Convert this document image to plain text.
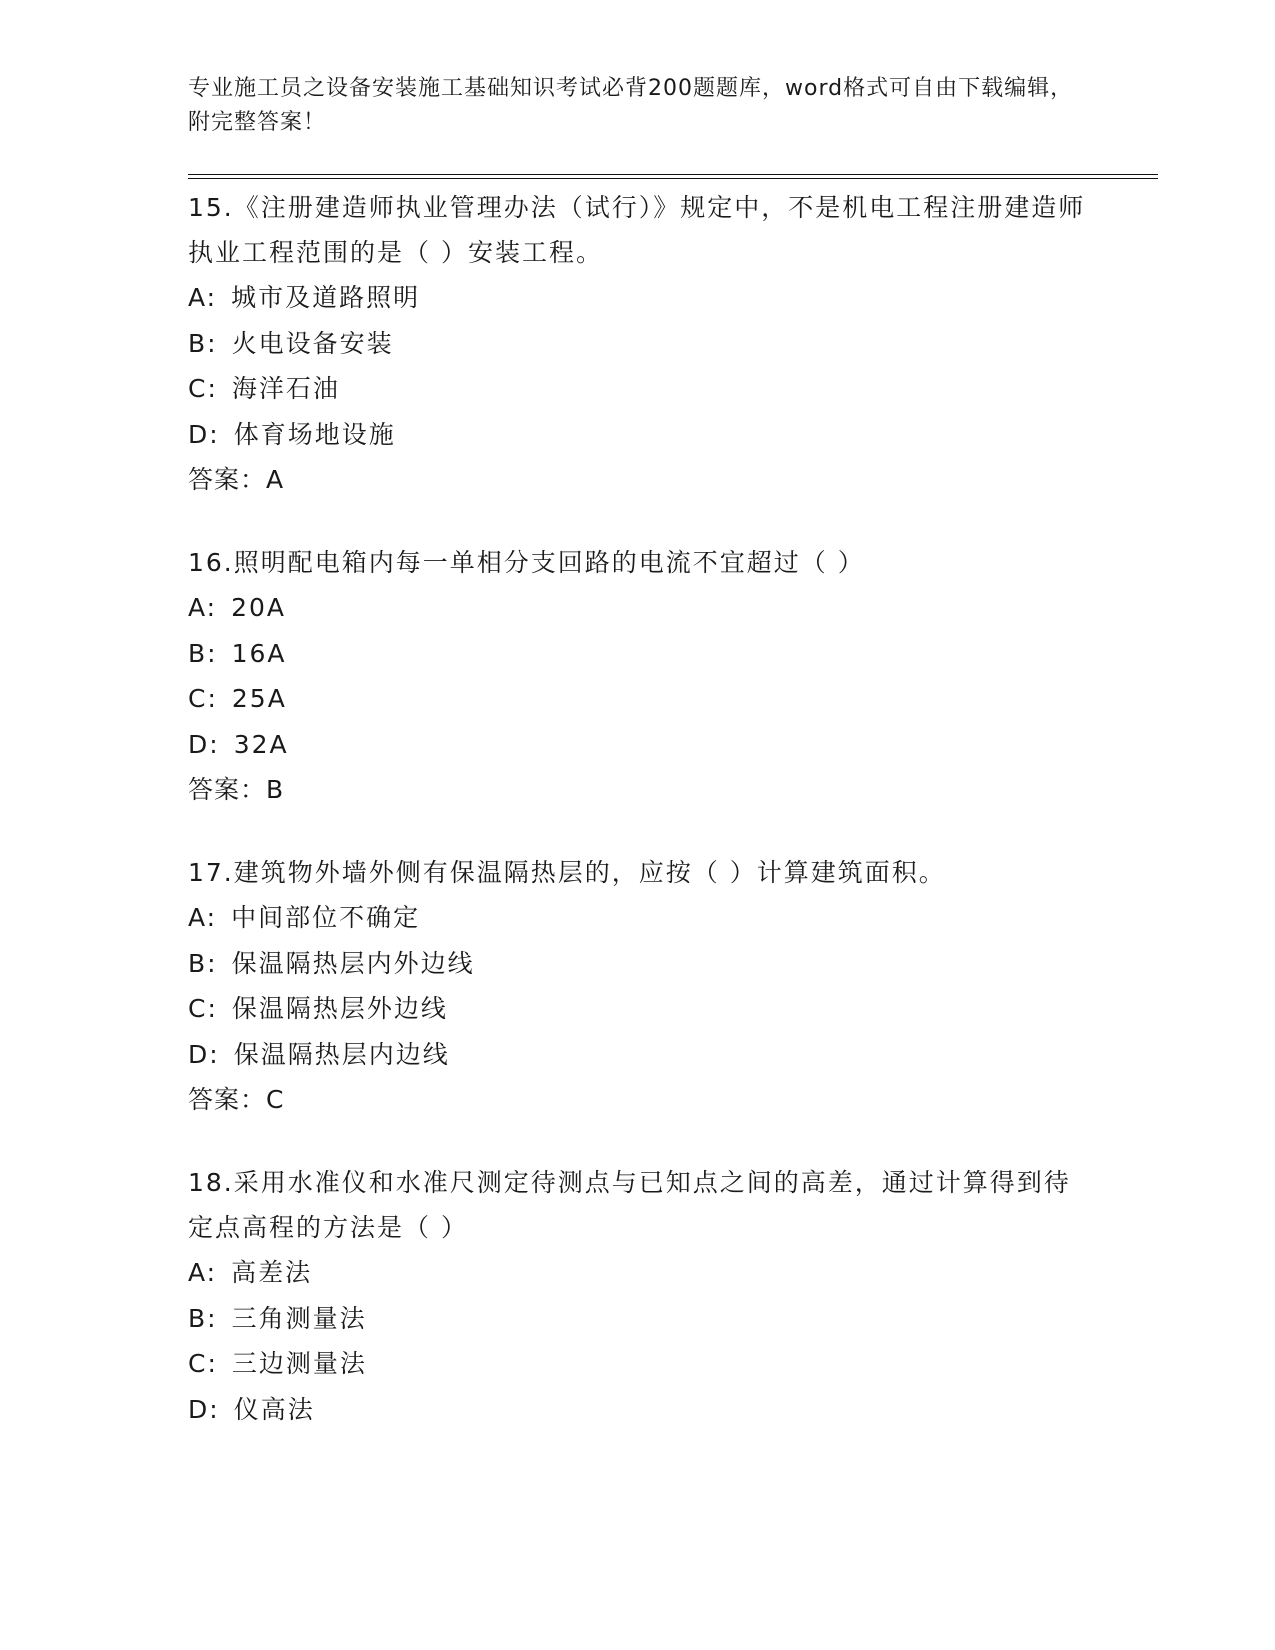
专业施工员之设备安装施工基础知识考试必背200题题库，word格式可自由下载编辑，附完整答案！
15.《注册建造师执业管理办法（试行）》规定中，不是机电工程注册建造师执业工程范围的是（ ）安装工程。
A: 城市及道路照明
B: 火电设备安装
C: 海洋石油
D: 体育场地设施
答案：A
16.照明配电箱内每一单相分支回路的电流不宜超过（ ）
A: 20A
B: 16A
C: 25A
D: 32A
答案：B
17.建筑物外墙外侧有保温隔热层的，应按（ ）计算建筑面积。
A: 中间部位不确定
B: 保温隔热层内外边线
C: 保温隔热层外边线
D: 保温隔热层内边线
答案：C
18.采用水准仪和水准尺测定待测点与已知点之间的高差，通过计算得到待定点高程的方法是（ ）
A: 高差法
B: 三角测量法
C: 三边测量法
D: 仪高法
